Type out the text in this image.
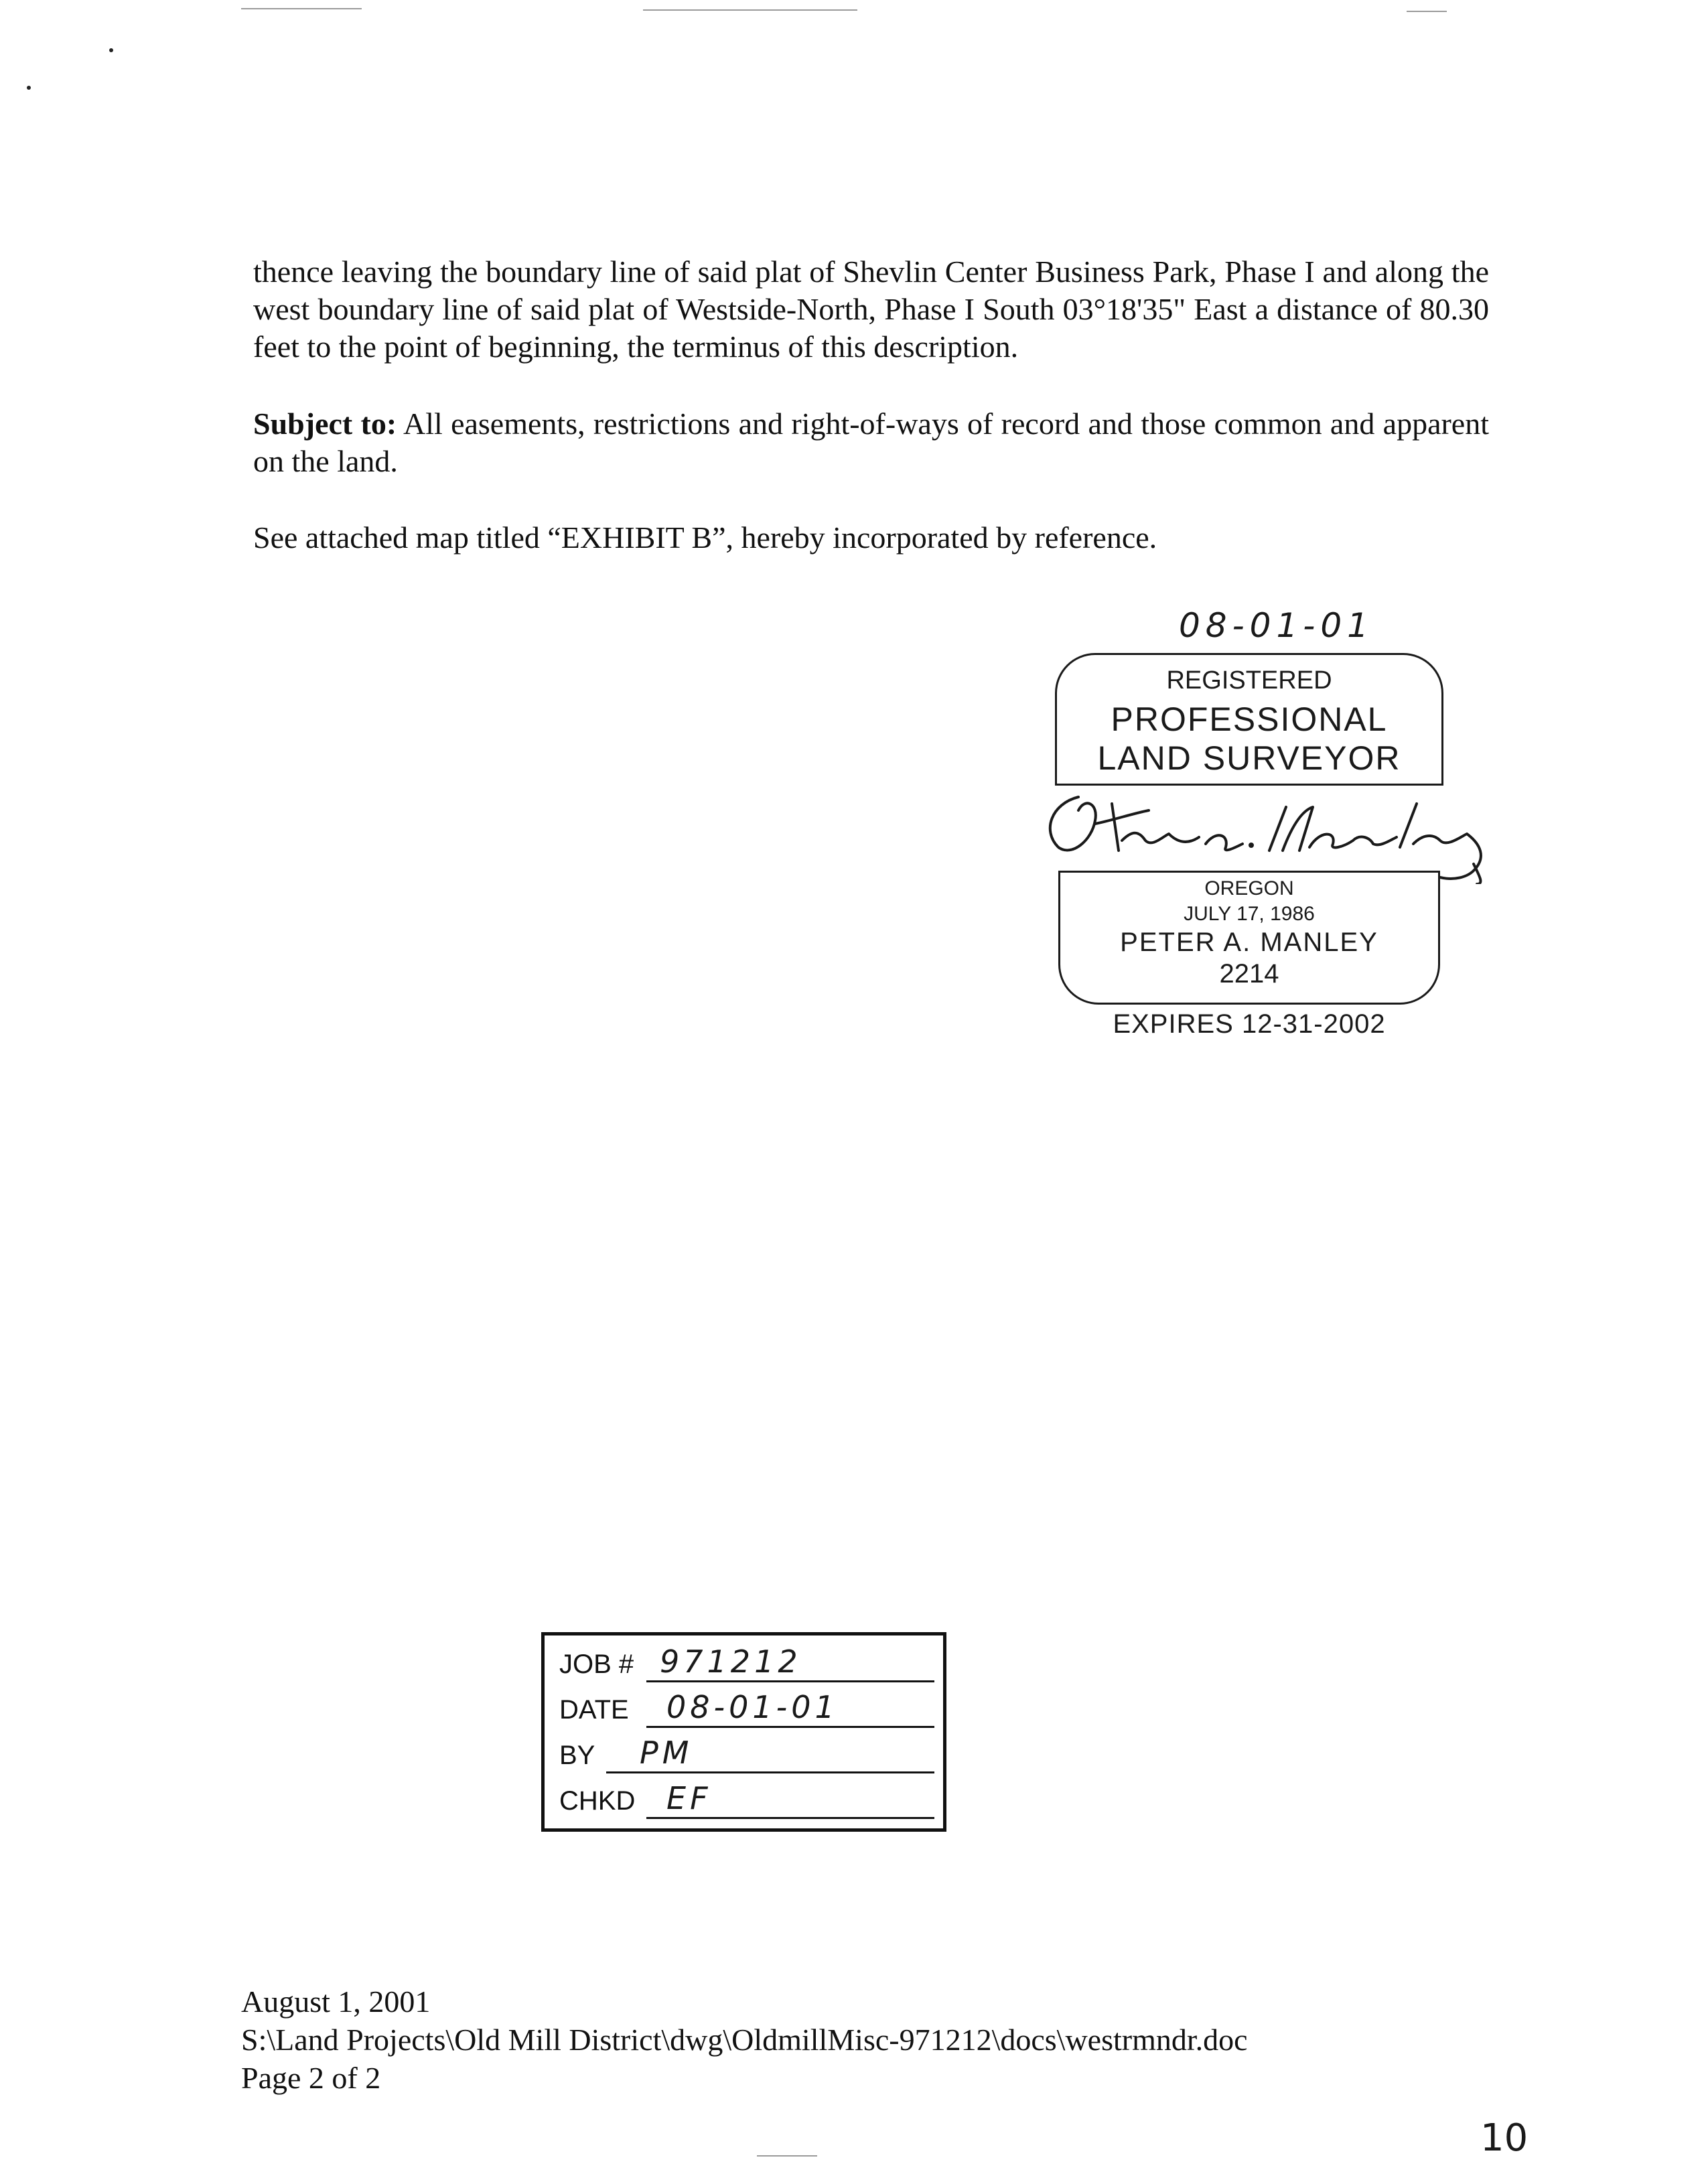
thence leaving the boundary line of said plat of Shevlin Center Business Park, Phase I and along the west boundary line of said plat of Westside-North, Phase I South 03°18'35" East a distance of 80.30 feet to the point of beginning, the terminus of this description.

Subject to: All easements, restrictions and right-of-ways of record and those common and apparent on the land.

See attached map titled “EXHIBIT B”, hereby incorporated by reference.

08-01-01
REGISTERED
PROFESSIONAL
LAND SURVEYOR
OREGON
JULY 17, 1986
PETER A. MANLEY
2214
EXPIRES 12-31-2002
JOB # 971212
DATE 08-01-01
BY PM
CHKD EF
August 1, 2001
S:\Land Projects\Old Mill District\dwg\OldmillMisc-971212\docs\westrmndr.doc
Page 2 of 2
10
